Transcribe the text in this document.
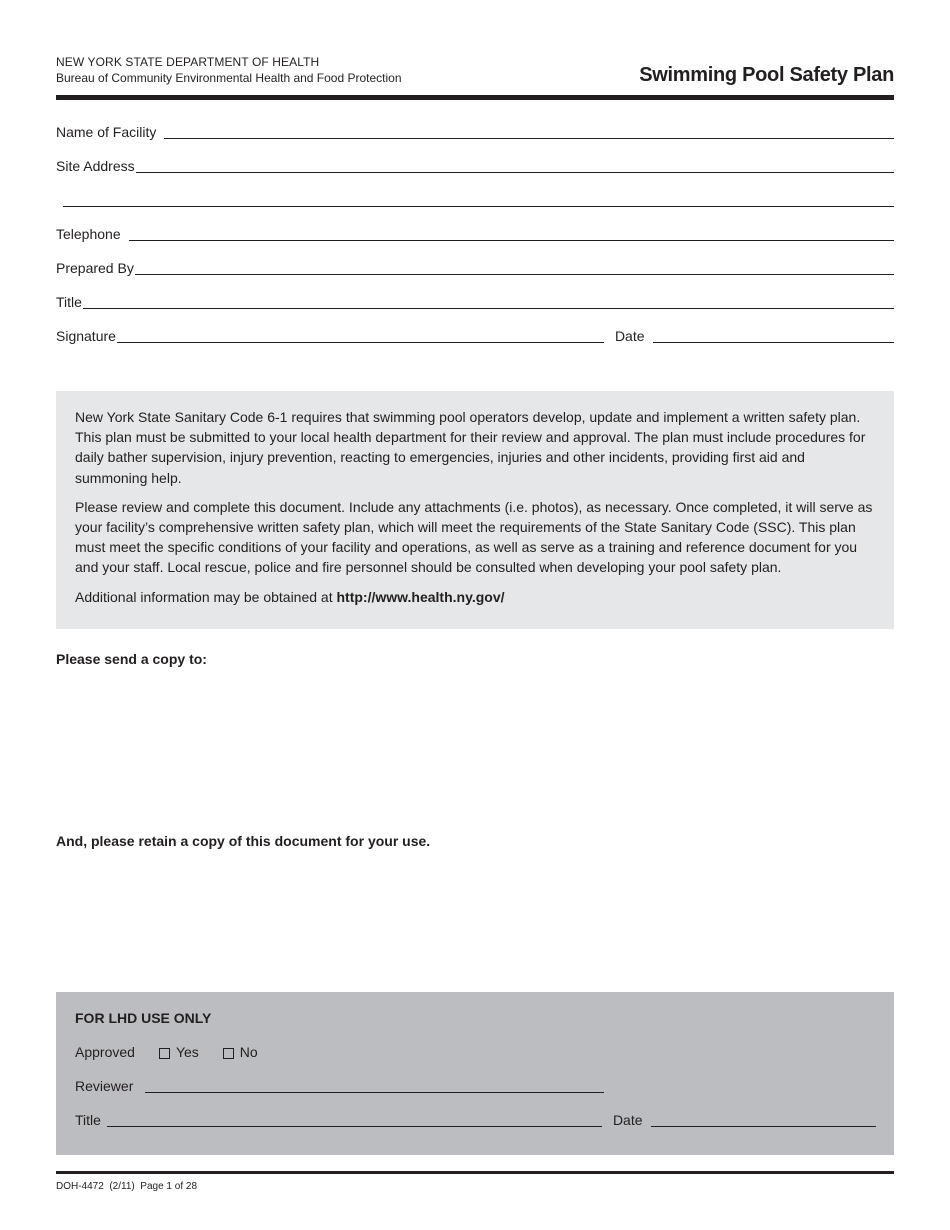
NEW YORK STATE DEPARTMENT OF HEALTH
Bureau of Community Environmental Health and Food Protection	Swimming Pool Safety Plan
Name of Facility
Site Address
Telephone
Prepared By
Title
Signature	Date

New York State Sanitary Code 6-1 requires that swimming pool operators develop, update and implement a written safety plan. This plan must be submitted to your local health department for their review and approval. The plan must include procedures for daily bather supervision, injury prevention, reacting to emergencies, injuries and other incidents, providing first aid and summoning help.

Please review and complete this document. Include any attachments (i.e. photos), as necessary. Once completed, it will serve as your facility’s comprehensive written safety plan, which will meet the requirements of the State Sanitary Code (SSC). This plan must meet the specific conditions of your facility and operations, as well as serve as a training and reference document for you and your staff. Local rescue, police and fire personnel should be consulted when developing your pool safety plan.

Additional information may be obtained at http://www.health.ny.gov/

Please send a copy to:
And, please retain a copy of this document for your use.
FOR LHD USE ONLY
Approved	Yes	No
Reviewer
Title	Date
DOH-4472  (2/11)  Page 1 of 28
